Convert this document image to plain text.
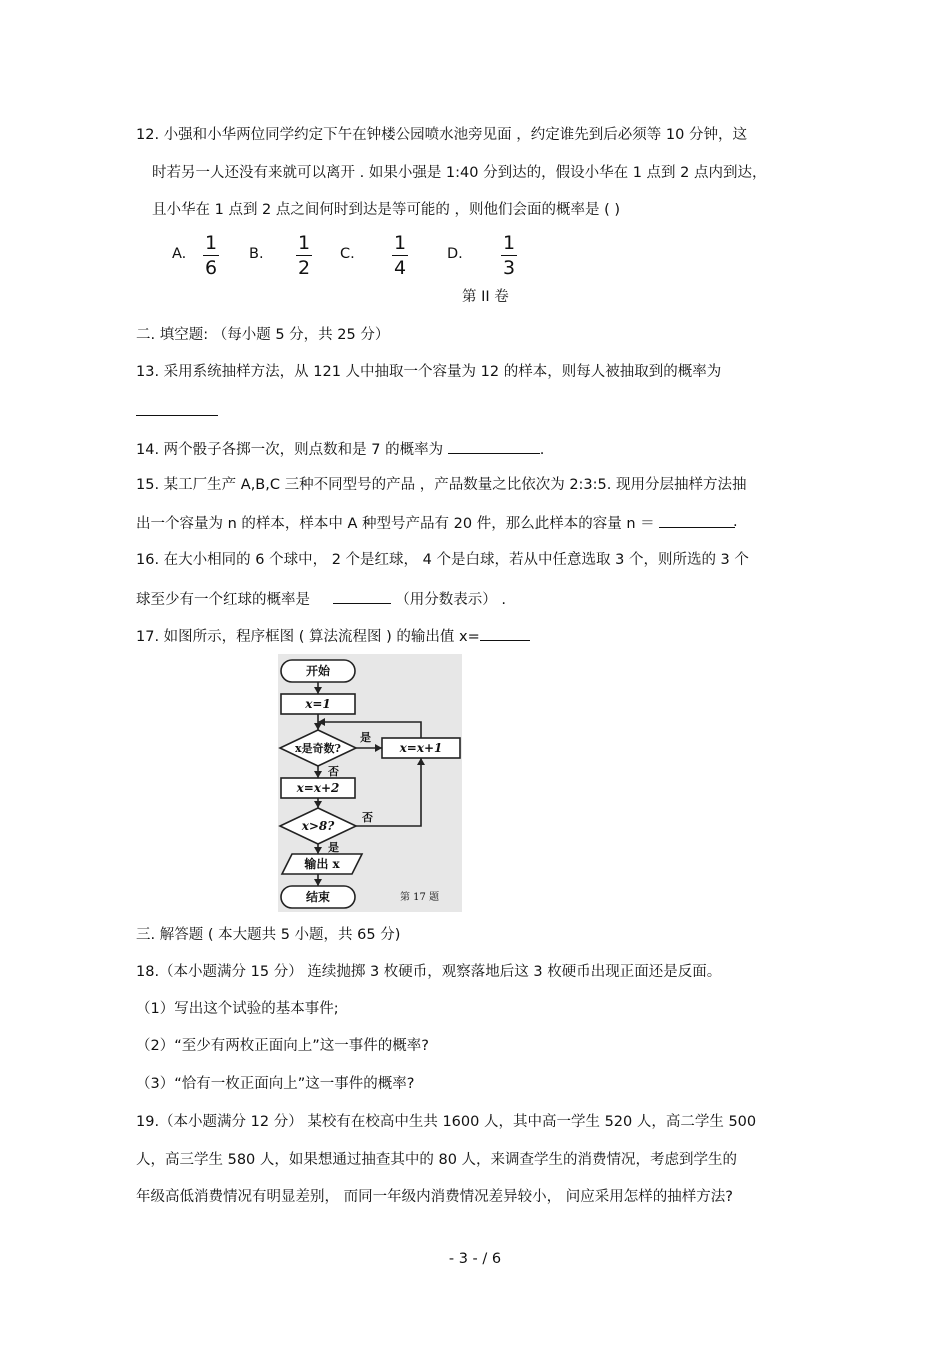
12. 小强和小华两位同学约定下午在钟楼公园喷水池旁见面 ，约定谁先到后必须等 10 分钟，这
时若另一人还没有来就可以离开 . 如果小强是 1:40 分到达的，假设小华在 1 点到 2 点内到达，
且小华在 1 点到 2 点之间何时到达是等可能的 ，则他们会面的概率是 ( )
A. 1
6
B. 1
2
C. 1
4
D. 1
3
第 II 卷
二. 填空题: （每小题 5 分，共 25 分）
13. 采用系统抽样方法，从 121 人中抽取一个容量为 12 的样本，则每人被抽取到的概率为
14. 两个骰子各掷一次，则点数和是 7 的概率为	.
15. 某工厂生产 A,B,C 三种不同型号的产品 ，产品数量之比依次为 2:3:5. 现用分层抽样方法抽
出一个容量为 n 的样本，样本中 A 种型号产品有 20 件，那么此样本的容量 n ＝	.
16. 在大小相同的 6 个球中， 2 个是红球， 4 个是白球，若从中任意选取 3 个，则所选的 3 个
球至少有一个红球的概率是	（用分数表示） .
17. 如图所示，程序框图 ( 算法流程图 ) 的输出值 x=
开始
x=1
x是奇数?
是
否
x=x+1
x=x+2
x>8?
否
是
输出 x
结束	第 17 题
三. 解答题 ( 本大题共 5 小题，共 65 分)
18.（本小题满分 15 分） 连续抛掷 3 枚硬币，观察落地后这 3 枚硬币出现正面还是反面。
（1）写出这个试验的基本事件;
（2）“至少有两枚正面向上”这一事件的概率?
（3）“恰有一枚正面向上”这一事件的概率?
19.（本小题满分 12 分） 某校有在校高中生共 1600 人，其中高一学生 520 人，高二学生 500
人，高三学生 580 人，如果想通过抽查其中的 80 人，来调查学生的消费情况，考虑到学生的
年级高低消费情况有明显差别， 而同一年级内消费情况差异较小， 问应采用怎样的抽样方法?
- 3 - / 6
